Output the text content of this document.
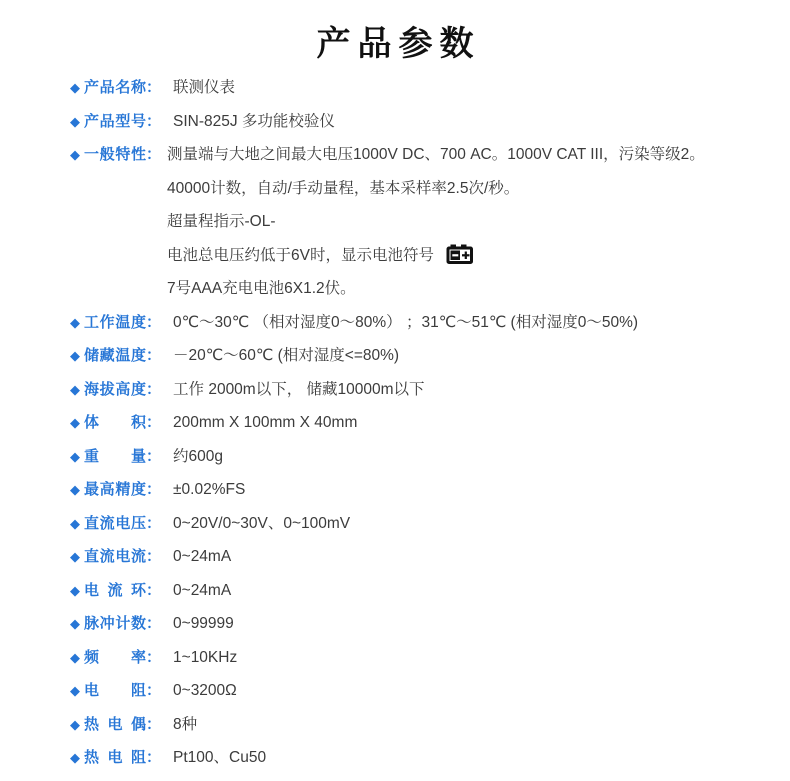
产品参数
◆ 产品名称 ： 联测仪表
◆ 产品型号 ： SIN-825J 多功能校验仪
◆ 一般特性 ： 测量端与大地之间最大电压1000V DC、700 AC。1000V CAT III，污染等级2。
40000计数，自动/手动量程，基本采样率2.5次/秒。
超量程指示-OL-
电池总电压约低于6V时，显示电池符号
7号AAA充电电池6X1.2伏。
◆ 工作温度 ： 0℃～30℃ （相对湿度0～80%） ；31℃～51℃ (相对湿度0～50%)
◆ 储藏温度 ： －20℃～60℃ (相对湿度<=80%)
◆ 海拔高度 ： 工作 2000m以下， 储藏10000m以下
◆ 体 积 ： 200mm X 100mm X 40mm
◆ 重 量 ： 约600g
◆ 最高精度 ： ±0.02%FS
◆ 直流电压 ： 0~20V/0~30V、0~100mV
◆ 直流电流 ： 0~24mA
◆ 电 流 环 ： 0~24mA
◆ 脉冲计数 ： 0~99999
◆ 频 率 ： 1~10KHz
◆ 电 阻 ： 0~3200Ω
◆ 热 电 偶 ： 8种
◆ 热 电 阻 ： Pt100、Cu50
